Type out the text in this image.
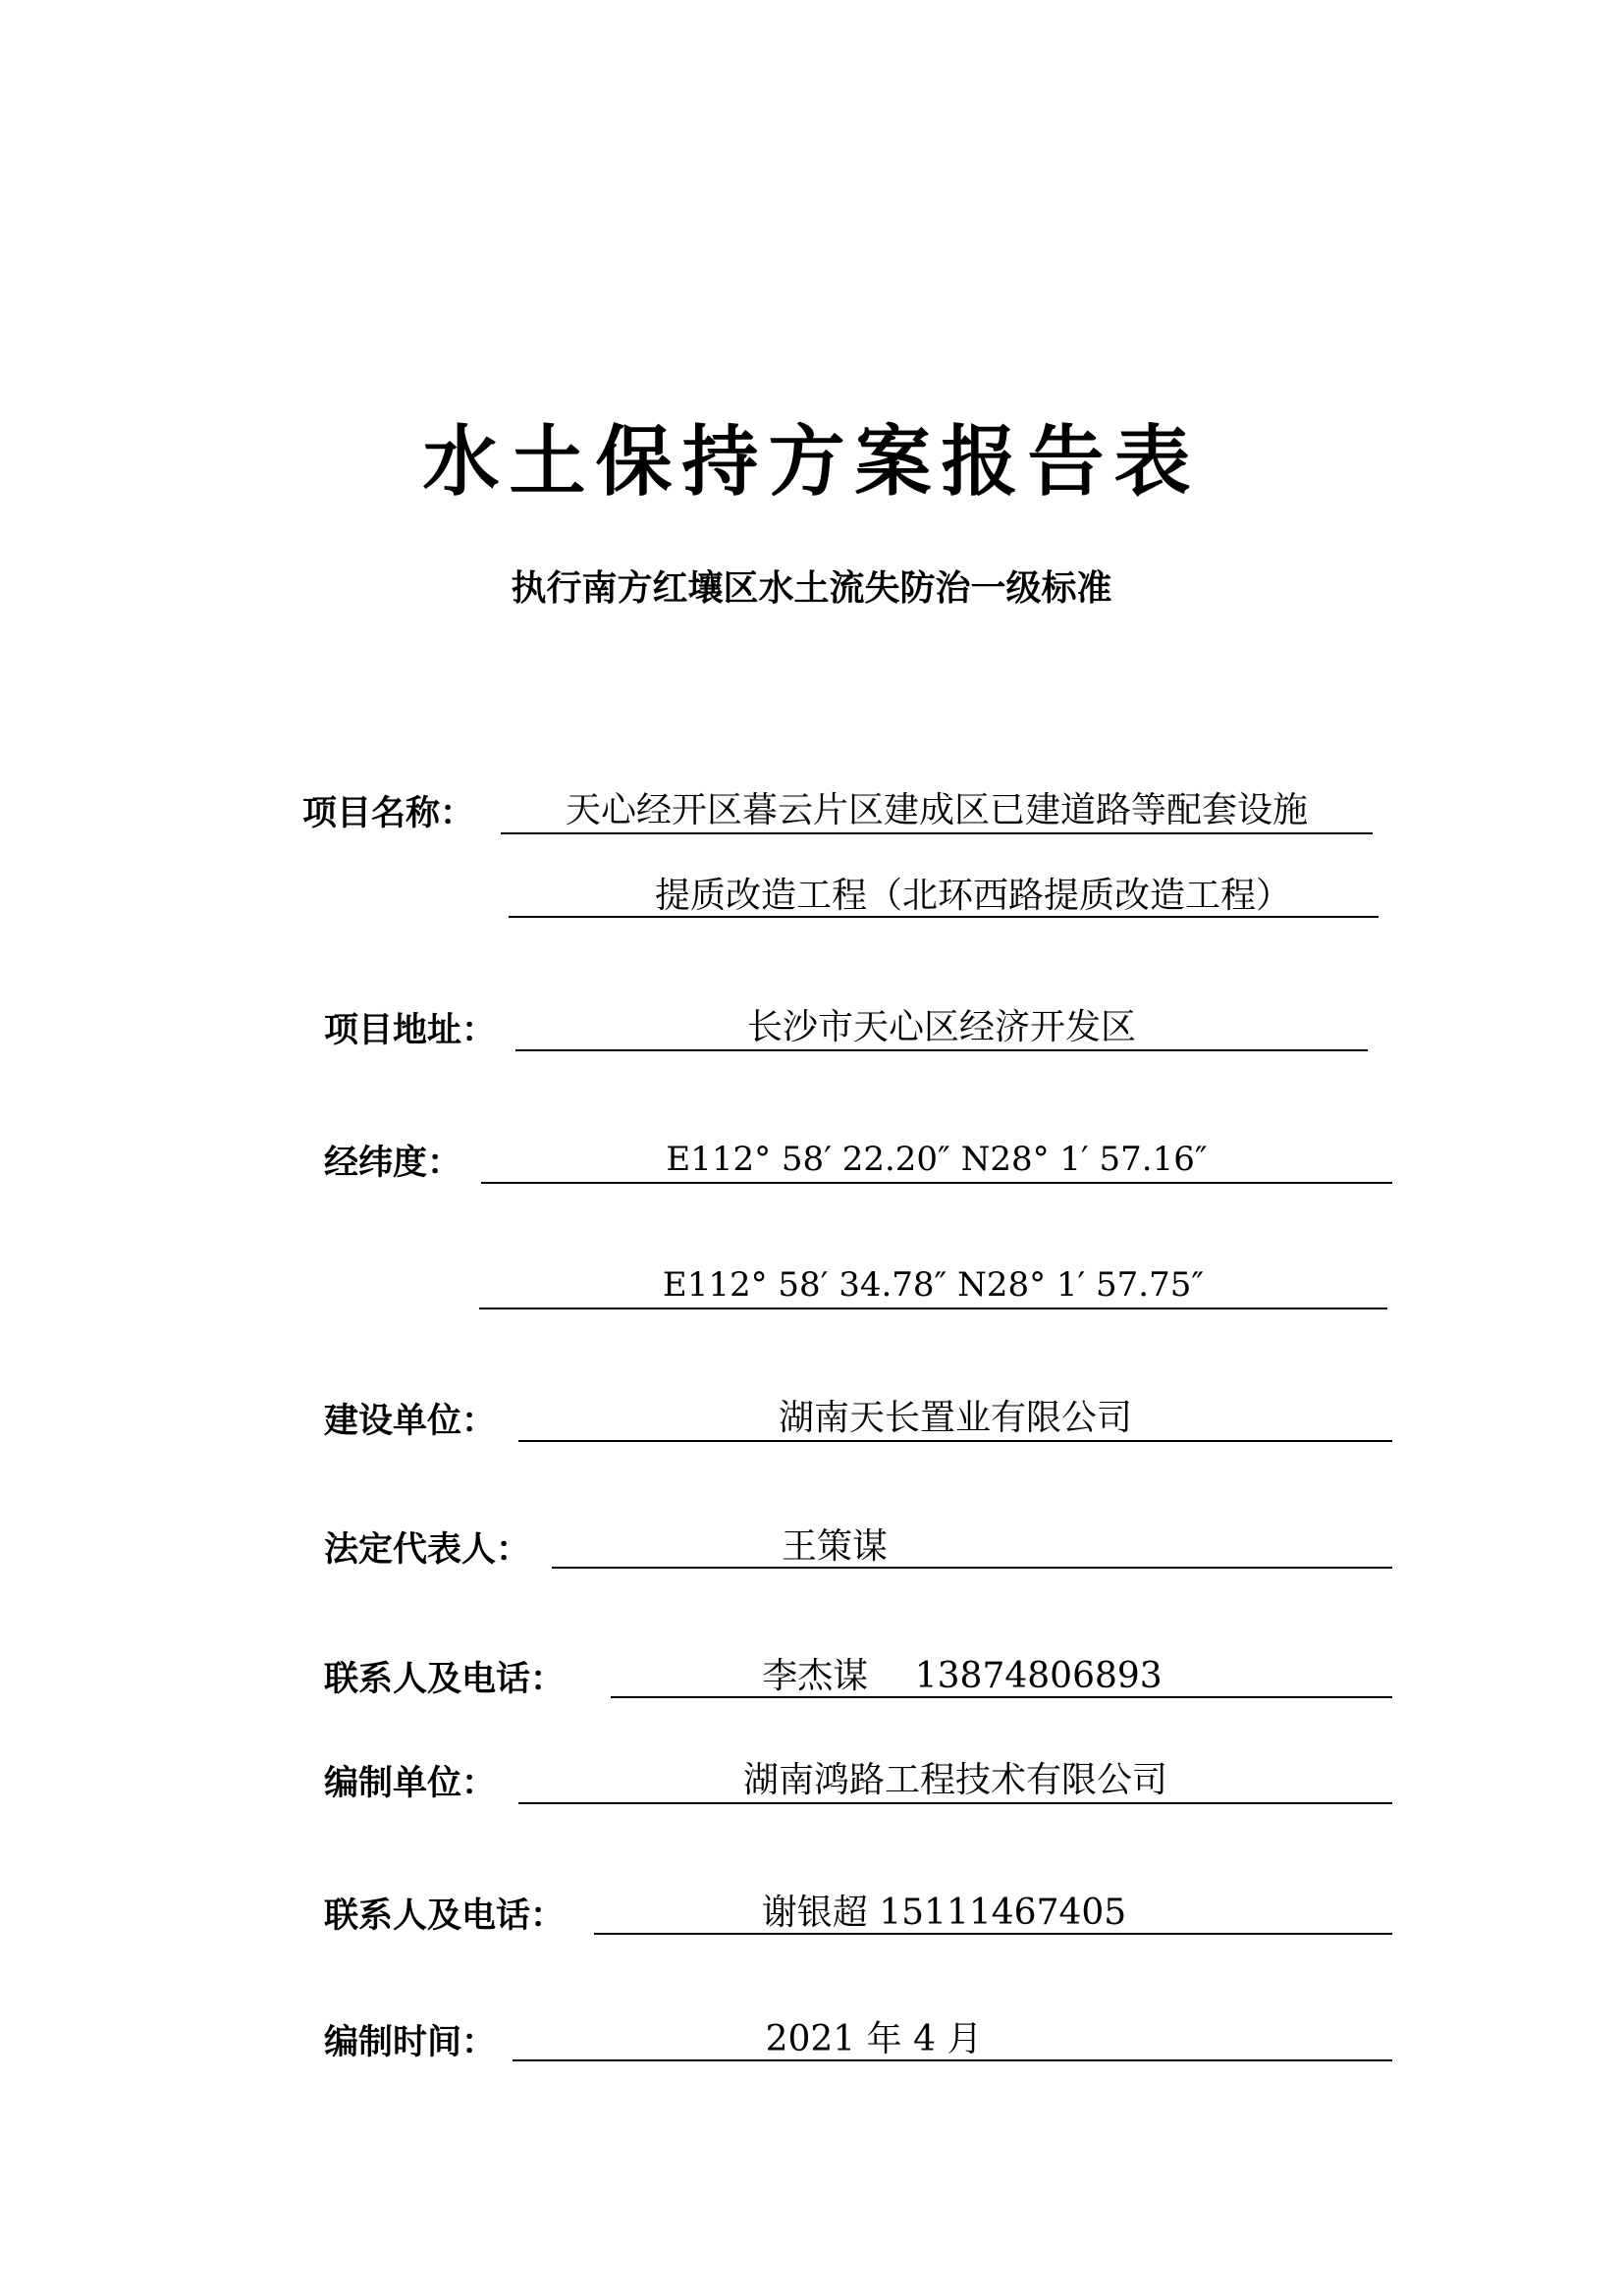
水土保持方案报告表
执行南方红壤区水土流失防治一级标准
项目名称：	天心经开区暮云片区建成区已建道路等配套设施
提质改造工程（北环西路提质改造工程）
项目地址：	长沙市天心区经济开发区
经纬度：	E112° 58′ 22.20″ N28° 1′ 57.16″
E112° 58′ 34.78″ N28° 1′ 57.75″
建设单位：	湖南天长置业有限公司
法定代表人：	王策谋
联系人及电话：	李杰谋　 13874806893
编制单位：	湖南鸿路工程技术有限公司
联系人及电话：	谢银超 15111467405
编制时间：	2021 年 4 月
